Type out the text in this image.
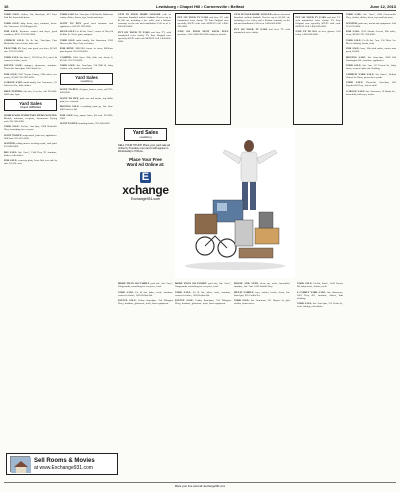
16	Lewisburg • Chapel Hill • Cornersville • Belfast	June 12, 2013
YARD SALE, clothes, Sat, 8am-1pm, 412 Lone Oak Rd, household items.
YARD SALE, baby items, toys, furniture, decor. Sat. 7am-noon. 505 Ellington Dr.
FOR SALE, Kenmore washer and dryer, good condition, $250. 931-359-0000.
CHURCH SALE, Fri & Sat, 7am-2pm, First Methodist, lots of items, bake sale.
TRACTOR, 8N Ford, runs good, new tires, $2,500 obo. 931-270-0000.
YARD SALE, Sat. 6am-?, 1250 Hwy 31A, men's & women's clothes, tools.
ESTATE SALE, antiques, glassware, furniture. Thurs-Sat. 8am-4pm. 300 Church St.
FOR SALE, 2007 Toyota Camry, 120k miles, one owner, $7,800. 931-993-0000.
GARAGE SALE, multi family, Sat. 7am-noon, 117 Lakeview Dr., kids clothes.
FREE PUPPIES, lab mix, 8 weeks, call 931-842-0000 after 5pm.
Yard Sales
Chapel Hill/Belfast
WORLD WAR II MILITARY ITEMS WANTED. Medals, uniforms, weapons, documents. Paying cash. 931-580-0000.
YARD SALE, Fri-Sat, 7am-1pm, 2208 Nashville Hwy, something for everyone.
WANT TO BUY, scrap metal, junk cars, appliances. Will haul. 931-637-0000.
WANTED, riding mower needing repair, cash paid. 931-698-0000.
BIG SALE, Sat. 7am-?, 1340 Hwy 99, furniture, dishes, collectibles.
FOR SALE, cemetery plots, Lone Oak, two side by side, $1,200 each.
YARD SALE Sat. 7am-1pm. 104 Oak Dr. Bathroom vanity, dishes, linens, toys, books and more.
WANT TO BUY good used furniture and appliances. Call 931-993-0000.
HUGE SALE Fri. & Sat. 7am-?, corner of Hwy 64 & Blue St. Tools, guns, antiques.
YARD SALE multi family, Sat. 6am-noon, 2200 Mooresville Hwy. Lots of clothes.
FOR RENT, 3BR/2BA house in town, $850/mo plus deposit. 931-359-0000.
CAMPER, 2005 Jayco 28ft, slide out, sleeps 6, $9,500. 931-270-0000.
YARD SALE, Sat. 7am-2pm, 316 Mill St, baby clothes, crib, stroller, household.
Yard Sales
Lewisburg
WANT TO BUY, old guns, knives, coins, call 931-842-0000.
WANT TO BUY, junk cars and trucks, top dollar paid, free removal.
MOVING SALE, everything must go, Sat. 6am. 608 Fairview Rd.
FOR SALE, hay, square bales, $4 each, 931-993-0000.
WANT TO BUY, standing timber, 931-580-0000.
STAY IN YOUR HOME LONGER with an American Standard walk-in bathtub. Receive up to $1,500 off, including a free toilet, and a lifetime warranty on the tub and installation! Call us at 1-800-000-0000.
PUT ON YOUR TV EARS and hear TV with unmatched voice clarity. TV Ears Original now specially $59.95 with code MCB59! Call 1-800-000-0000.
PUT ON YOUR TV EARS and hear TV with unmatched voice clarity. TV Ears Original now specially $59.95 with code MCB59! Call 1-800-000-0000.
SAVE ON YOUR NEXT DUCK FUEL purchase. Call 1-800-000-0000 today for details.
MORE THAN 100 FAMILY yard sale, Sat. 7am-?, Fairgrounds, something for everyone, food.
YARD SALE, Fri & Sat, bikes, tools, furniture, women's clothes, 1020 Belfast Rd.
ESTATE SALE, Friday 8am-4pm, 704 Ellington Pkwy, furniture, glassware, tools, lawn equipment.
STAY IN YOUR HOME LONGER with an American Standard walk-in bathtub. Receive up to $1,500 off, including a free toilet, and a lifetime warranty on the tub and installation! Call us at 1-800-000-0000.
PUT ON YOUR TV EARS and hear TV with unmatched voice clarity.
HOUSE AND AUTO clean out, tools, household, furniture, Sat. 7am. 1410 Pulaski Hwy.
MULTI FAMILY, toys, clothes, books, decor, Sat. 6am-1pm, 901 Collins Ln.
YARD SALE, Sat. 7am-noon, 221 Haynes St, girls clothes, housewares.
PUT ON YOUR TV EARS and hear TV with unmatched voice clarity. TV Ears Original now specially $59.95 with code MCB59! Call 1-800-000-0000.
SAVE UP TO 50% on new glasses. Call today 1-800-000-0000.
YARD SALE, Fri-Sat, 8am-?, 1106 Verona Rd, baby items, clothes, tools.
4 FAMILY YARD SALE, Sat. 6am-noon, 3001 Hwy 431, furniture, dishes, kids clothing.
YARD SALE, Sat. 7am-1pm, 511 Cedar St., tools, fishing, collectibles.
YARD SALE, Sat. 7am-?, 3280 Cornersville Hwy, clothes, dishes, decor, toys and lots more.
WANTED, junk cars, trucks and equipment. Call 931-270-0000.
FOR SALE, 2010 Honda Accord, 98k miles, clean, $9,900. 931-359-0000.
YARD SALE, Fri & Sat, 7am, 150 Dixie Ln. Men's clothing, books, tools.
FOR SALE, boat, 16ft with trailer, motor runs good, $2,800.
MOVING SALE, Sat. 6am-1pm, 2008 Old Farmington Rd., furniture, appliances.
YARD SALE, Sat. 7am, 117 Forrest St., baby items, women's plus size clothing.
CHURCH YARD SALE, Sat. 6am-?, Belfast Church of Christ, proceeds to youth.
YARD SALE, Thurs-Sat, 7am-3pm, 850 Fayetteville Hwy., lots of stuff.
GARAGE SALE, Sat. 7am-noon, 16 Shady Ln., household, kids toys, books.
MORE THAN 100 FAMILY yard sale, Sat. 7am-?, Fairgrounds, something for everyone, food.
YARD SALE, Fri & Sat, bikes, tools, furniture, women's clothes, 1020 Belfast Rd.
ESTATE SALE, Friday 8am-4pm, 704 Ellington Pkwy, furniture, glassware, tools, lawn equipment.
Yard Sales
Lewisburg
SELL YOUR STUFF! Place your yard sale ad online by Tuesday noon and it will appear in Wednesday's Tribune.
Place Your Free
Word Ad Online at:
Exchange
Exchange931.com
Sell Rooms & Movies
at www.Exchange931.com
Place your free word ad: Exchange931.com
